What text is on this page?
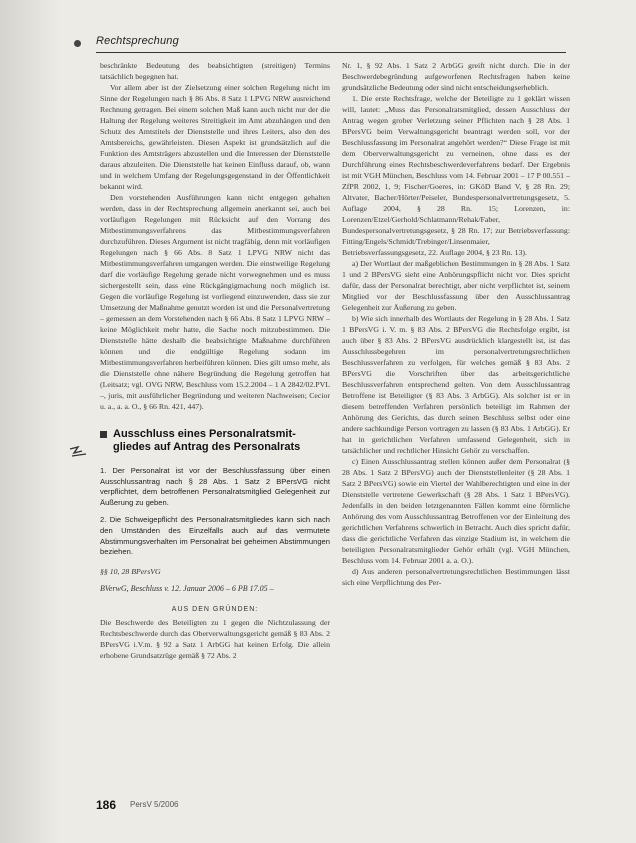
Rechtsprechung

beschränkte Bedeutung des beabsichtigten (streitigen) Termins tatsächlich begegnen hat.

Vor allem aber ist der Zielsetzung einer solchen Regelung nicht im Sinne der Regelungen nach § 86 Abs. 8 Satz 1 LPVG NRW ausreichend Rechnung getragen. Bei einem solchen Maß kann auch nicht nur der die Haltung der Regelung weiteres Streitigkeit im Amt abzuhängen und den Schutz des Amtstitels der Dienststelle und ihres Leiters, also den des Amtsbereichs, gewährleisten. Diesen Aspekt ist grundsätzlich auf die Funktion des Amtsträgers abzustellen und die Interessen der Dienststelle daraus abzuleiten. Die Dienststelle hat keinen Einfluss darauf, ob, wann und in welchem Umfang der Regelungsgegenstand in der Öffentlichkeit bekannt wird.

Den vorstehenden Ausführungen kann nicht entgegen gehalten werden, dass in der Rechtsprechung allgemein anerkannt sei, auch bei vorläufigen Regelungen mit Rücksicht auf den Vorrang des Mitbestimmungsverfahrens das Mitbestimmungsverfahren durchzuführen. Dieses Argument ist nicht tragfähig, denn mit vorläufigen Regelungen nach § 66 Abs. 8 Satz 1 LPVG NRW nicht das Mitbestimmungsverfahren umgangen werden. Die einstweilige Regelung darf die vorläufige Regelung gerade nicht vorwegnehmen und es muss sichergestellt sein, dass eine Rückgängigmachung noch möglich ist. Gegen die vorläufige Regelung ist vorliegend einzuwenden, dass sie zur Umsetzung der Maßnahme genutzt worden ist und die Personalvertretung – gemessen an dem Vorstehenden nach § 66 Abs. 8 Satz 1 LPVG NRW – keine Möglichkeit mehr hatte, die Sache noch mitzubestimmen. Die Dienststelle hätte deshalb die beabsichtigte Maßnahme durchführen können und die endgültige Regelung sodann im Mitbestimmungsverfahren herbeiführen können. Dies gilt umso mehr, als die Dienststelle ohne nähere Begründung die Regelung getroffen hat (Leitsatz; vgl. OVG NRW, Beschluss vom 15.2.2004 – 1 A 2842/02.PVL –, juris, mit ausführlicher Begründung und weiteren Nachweisen; Cecior u. a., a. a. O., § 66 Rn. 421, 447).

Ausschluss eines Personalratsmit-
gliedes auf Antrag des Personalrats
1. Der Personalrat ist vor der Beschlussfassung über einen Ausschlussantrag nach § 28 Abs. 1 Satz 2 BPersVG nicht verpflichtet, dem betroffenen Personalratsmitglied Gelegenheit zur Äußerung zu geben.
2. Die Schweigepflicht des Personalratsmitgliedes kann sich nach den Umständen des Einzelfalls auch auf das vermutete Abstimmungsverhalten im Personalrat bei geheimen Abstimmungen beziehen.
§§ 10, 28 BPersVG
BVerwG, Beschluss v. 12. Januar 2006 – 6 PB 17.05 –
AUS DEN GRÜNDEN:

Die Beschwerde des Beteiligten zu 1 gegen die Nichtzulassung der Rechtsbeschwerde durch das Oberverwaltungsgericht gemäß § 83 Abs. 2 BPersVG i.V.m. § 92 a Satz 1 ArbGG hat keinen Erfolg. Die allein erhobene Grundsatzrüge gemäß § 72 Abs. 2

Nr. 1, § 92 Abs. 1 Satz 2 ArbGG greift nicht durch. Die in der Beschwerdebegründung aufgeworfenen Rechtsfragen haben keine grundsätzliche Bedeutung oder sind nicht entscheidungserheblich.

1. Die erste Rechtsfrage, welche der Beteiligte zu 1 geklärt wissen will, lautet: „Muss das Personalratsmitglied, dessen Ausschluss der Antrag wegen grober Verletzung seiner Pflichten nach § 28 Abs. 1 BPersVG beim Verwaltungsgericht beantragt werden soll, vor der Beschlussfassung im Personalrat angehört werden?“ Diese Frage ist mit dem Oberverwaltungsgericht zu verneinen, ohne dass es der Durchführung eines Rechtsbeschwerdeverfahrens bedarf. Der Ergebnis ist mit VGH München, Beschluss vom 14. Februar 2001 – 17 P 00.551 – ZfPR 2002, 1, 9; Fischer/Goeres, in: GKöD Band V, § 28 Rn. 29; Altvater, Bacher/Hörter/Peiseler, Bundespersonalvertretungsgesetz, 5. Auflage 2004, § 28 Rn. 15; Lorenzen, in: Lorenzen/Etzel/Gerhold/Schlatmann/Rehak/Faber, Bundespersonalvertretungsgesetz, § 28 Rn. 17; zur Betriebsverfassung: Fitting/Engels/Schmidt/Trebinger/Linsenmaier, Betriebsverfassungsgesetz, 22. Auflage 2004, § 23 Rn. 13).

a) Der Wortlaut der maßgeblichen Bestimmungen in § 28 Abs. 1 Satz 1 und 2 BPersVG sieht eine Anhörungspflicht nicht vor. Dies spricht dafür, dass der Personalrat berechtigt, aber nicht verpflichtet ist, seinem Mitglied vor der Beschlussfassung über den Ausschlussantrag Gelegenheit zur Äußerung zu geben.

b) Wie sich innerhalb des Wortlauts der Regelung in § 28 Abs. 1 Satz 1 BPersVG i. V. m. § 83 Abs. 2 BPersVG die Rechtsfolge ergibt, ist auch über § 83 Abs. 2 BPersVG ausdrücklich klargestellt ist, ist das Ausschlussbegehren im personalvertretungsrechtlichen Beschlussverfahren zu verfolgen, für welches gemäß § 83 Abs. 2 BPersVG die Vorschriften über das arbeitsgerichtliche Beschlussverfahren entsprechend gelten. Von dem Ausschlussantrag Betroffene ist Beteiligter (§ 83 Abs. 3 ArbGG). Als solcher ist er in diesem betreffenden Verfahren persönlich beteiligt im Rahmen der Anhörung des Gerichts, das durch seinen Beschluss selbst oder eine andere sachkundige Person vortragen zu lassen (§ 83 Abs. 1 ArbGG). Er hat in gerichtlichen Verfahren umfassend Gelegenheit, sich in tatsächlicher und rechtlicher Hinsicht Gehör zu verschaffen.

c) Einen Ausschlussantrag stellen können außer dem Personalrat (§ 28 Abs. 1 Satz 2 BPersVG) auch der Dienststellenleiter (§ 28 Abs. 1 Satz 2 BPersVG) sowie ein Viertel der Wahlberechtigten und eine in der Dienststelle vertretene Gewerkschaft (§ 28 Abs. 1 Satz 1 BPersVG). Jedenfalls in den beiden letztgenannten Fällen kommt eine förmliche Anhörung des vom Ausschlussantrag Betroffenen vor der Einleitung des gerichtlichen Verfahrens schwerlich in Betracht. Auch dies spricht dafür, dass die gerichtliche Verfahren das einzige Stadium ist, in welchem die beteiligten Personalratsmitglieder Gehör erhält (vgl. VGH München, Beschluss vom 14. Februar 2001 a. a. O.).

d) Aus anderen personalvertretungsrechtlichen Bestimmungen lässt sich eine Verpflichtung des Per-

186 PersV 5/2006
